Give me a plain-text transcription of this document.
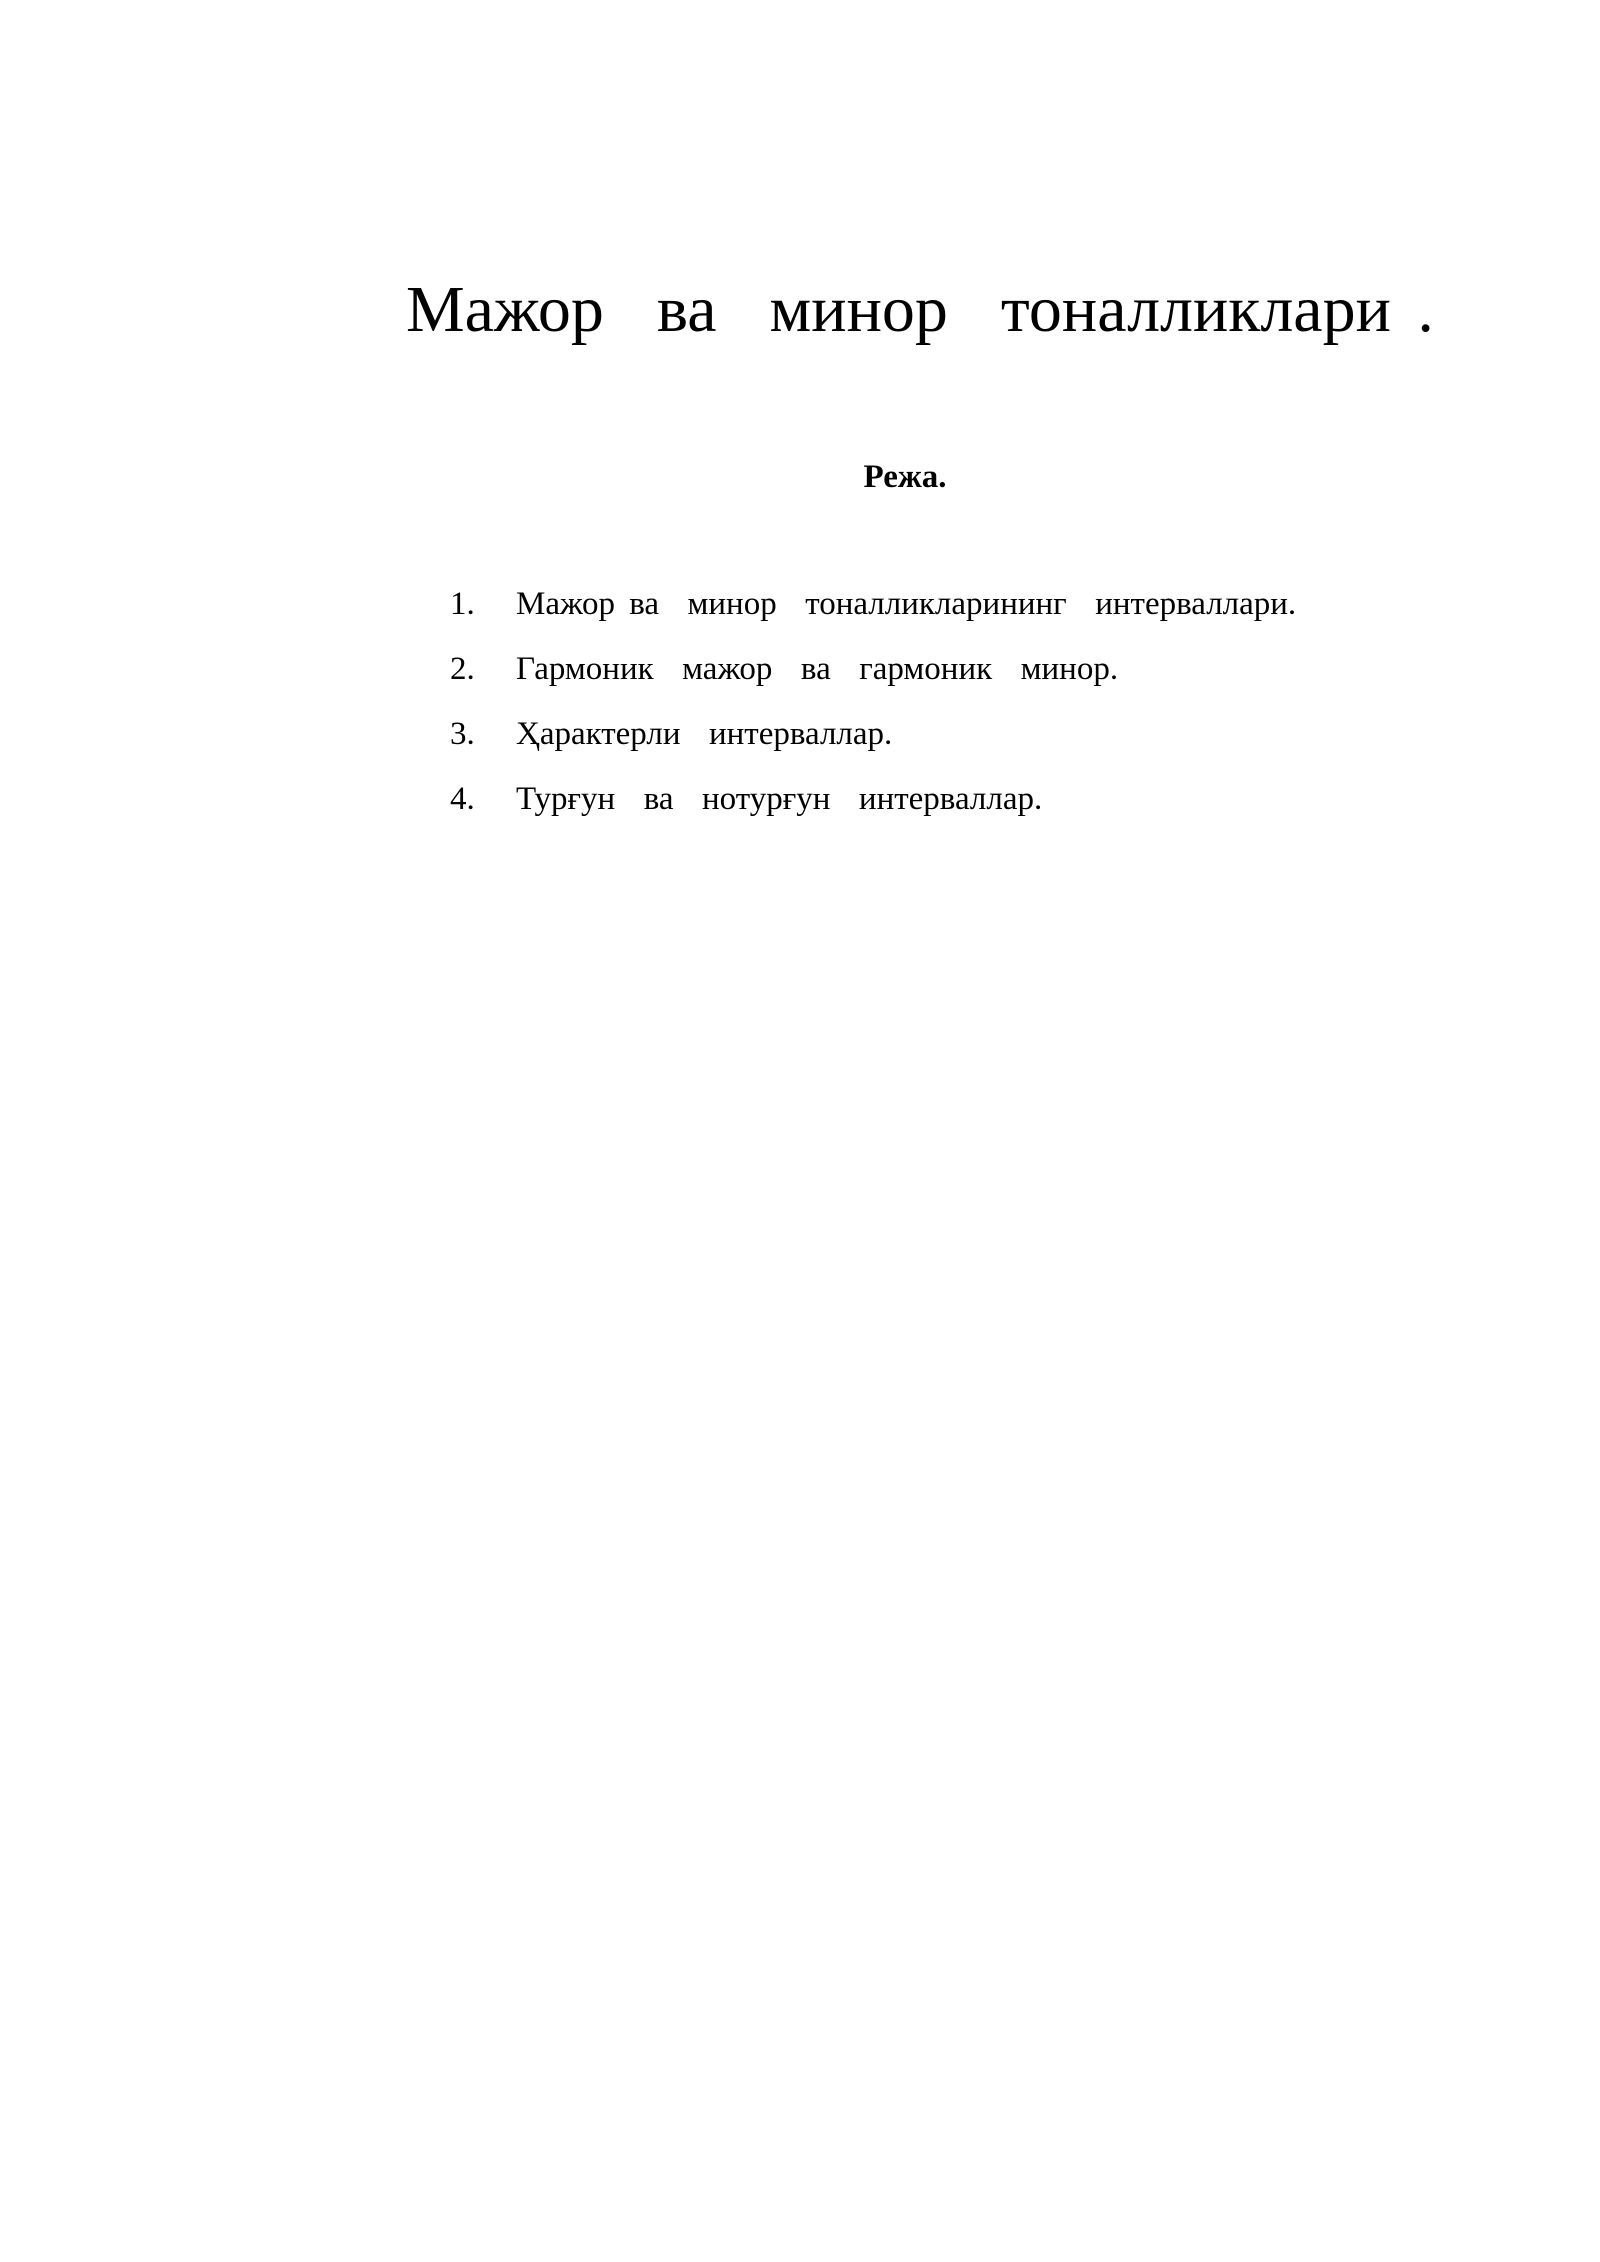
Мажор  ва  минор  тоналликлари .
Режа.
1.	Мажор ва  минор  тоналликларининг  интерваллари.
2.	Гармоник  мажор  ва  гармоник  минор.
3.	Ҳарактерли  интерваллар.
4.	Турғун  ва  нотурғун  интерваллар.
